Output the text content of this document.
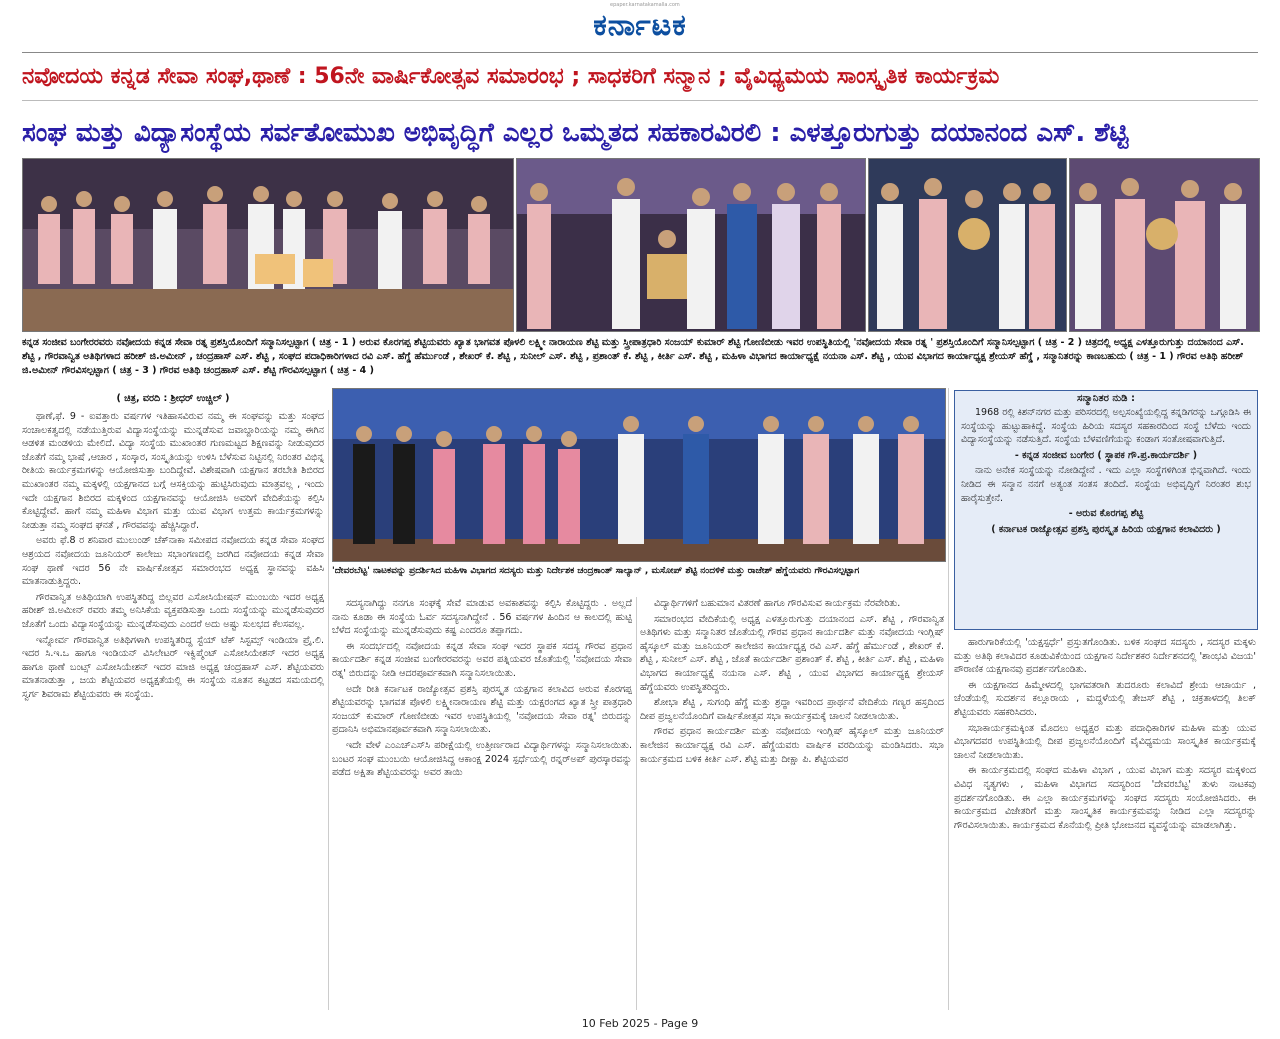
epaper.karnatakamalla.com
ಕರ್ನಾಟಕ
ನವೋದಯ ಕನ್ನಡ ಸೇವಾ ಸಂಘ,ಥಾಣೆ : 56ನೇ ವಾರ್ಷಿಕೋತ್ಸವ ಸಮಾರಂಭ ; ಸಾಧಕರಿಗೆ ಸನ್ಮಾನ ; ವೈವಿಧ್ಯಮಯ ಸಾಂಸ್ಕೃತಿಕ ಕಾರ್ಯಕ್ರಮ
ಸಂಘ ಮತ್ತು ವಿದ್ಯಾಸಂಸ್ಥೆಯ ಸರ್ವತೋಮುಖ ಅಭಿವೃದ್ಧಿಗೆ ಎಲ್ಲರ ಒಮ್ಮತದ ಸಹಕಾರವಿರಲಿ : ಎಳತ್ತೂರುಗುತ್ತು ದಯಾನಂದ ಎಸ್. ಶೆಟ್ಟಿ
ಕನ್ನಡ ಸಂಜೀವ ಬಂಗೇರರವರು ನವೋದಯ ಕನ್ನಡ ಸೇವಾ ರತ್ನ ಪ್ರಶಸ್ತಿಯೊಂದಿಗೆ ಸನ್ಮಾನಿಸಲ್ಪಟ್ಟಾಗ ( ಚಿತ್ರ - 1 ) ಅರುವ ಕೊರಗಪ್ಪ ಶೆಟ್ಟಿಯವರು ಖ್ಯಾತ ಭಾಗವತ ಪೊಳಲಿ ಲಕ್ಷ್ಮೀ ನಾರಾಯಣ ಶೆಟ್ಟಿ ಮತ್ತು ಸ್ತ್ರೀಪಾತ್ರಧಾರಿ ಸಂಜಯ್ ಕುಮಾರ್ ಶೆಟ್ಟಿ ಗೋಣಿಬೀಡು ಇವರ ಉಪಸ್ಥಿತಿಯಲ್ಲಿ 'ನವೋದಯ ಸೇವಾ ರತ್ನ ' ಪ್ರಶಸ್ತಿಯೊಂದಿಗೆ ಸನ್ಮಾನಿಸಲ್ಪಟ್ಟಾಗ ( ಚಿತ್ರ - 2 ) ಚಿತ್ರದಲ್ಲಿ ಅಧ್ಯಕ್ಷ ಎಳತ್ತೂರುಗುತ್ತು ದಯಾನಂದ ಎಸ್. ಶೆಟ್ಟಿ , ಗೌರವಾನ್ವಿತ ಅತಿಥಿಗಳಾದ ಹರೀಶ್ ಜಿ.ಅಮೀನ್ , ಚಂದ್ರಹಾಸ್ ಎಸ್. ಶೆಟ್ಟಿ , ಸಂಘದ ಪದಾಧಿಕಾರಿಗಳಾದ ರವಿ ಎಸ್. ಹೆಗ್ಡೆ ಹೆರ್ಮುಂಡೆ , ಶೇಖರ್ ಕೆ. ಶೆಟ್ಟಿ , ಸುನೀಲ್ ಎಸ್. ಶೆಟ್ಟಿ , ಪ್ರಶಾಂತ್ ಕೆ. ಶೆಟ್ಟಿ , ಕೀರ್ತಿ ಎಸ್. ಶೆಟ್ಟಿ , ಮಹಿಳಾ ವಿಭಾಗದ ಕಾರ್ಯಾಧ್ಯಕ್ಷೆ ನಯನಾ ಎಸ್. ಶೆಟ್ಟಿ , ಯುವ ವಿಭಾಗದ ಕಾರ್ಯಾಧ್ಯಕ್ಷ ಶ್ರೇಯಸ್ ಹೆಗ್ಡೆ , ಸನ್ಮಾನಿತರನ್ನು ಕಾಣಬಹುದು ( ಚಿತ್ರ - 1 ) ಗೌರವ ಅತಿಥಿ ಹರೀಶ್ ಜಿ.ಅಮೀನ್ ಗೌರವಿಸಲ್ಪಟ್ಟಾಗ ( ಚಿತ್ರ - 3 ) ಗೌರವ ಅತಿಥಿ ಚಂದ್ರಹಾಸ್ ಎಸ್. ಶೆಟ್ಟಿ ಗೌರವಿಸಲ್ಪಟ್ಟಾಗ ( ಚಿತ್ರ - 4 )
( ಚಿತ್ರ, ವರದಿ : ಶ್ರೀಧರ್ ಉಚ್ಚಿಲ್ )
'ದೇವರಬೆಟ್ಟ' ನಾಟಕವನ್ನು ಪ್ರದರ್ಶಿಸಿದ ಮಹಿಳಾ ವಿಭಾಗದ ಸದಸ್ಯರು ಮತ್ತು ನಿರ್ದೇಶಕ ಚಂದ್ರಕಾಂತ್ ಸಾಲ್ಯಾನ್ , ಮಸೋಪ್ ಶೆಟ್ಟಿ ನಂದಳಿಕೆ ಮತ್ತು ರಾಜೇಶ್ ಹೆಗ್ಡೆಯವರು ಗೌರವಿಸಲ್ಪಟ್ಟಾಗ

ಥಾಣೆ,ಫೆ. 9 - ಐವತ್ತಾರು ವರ್ಷಗಳ ಇತಿಹಾಸವಿರುವ ನಮ್ಮ ಈ ಸಂಘವನ್ನು ಮತ್ತು ಸಂಘದ ಸಂಚಾಲಕತ್ವದಲ್ಲಿ ನಡೆಯುತ್ತಿರುವ ವಿದ್ಯಾಸಂಸ್ಥೆಯನ್ನು ಮುನ್ನಡೆಸುವ ಜವಾಬ್ದಾರಿಯನ್ನು ನಮ್ಮ ಈಗಿನ ಆಡಳಿತ ಮಂಡಳಿಯ ಮೇಲಿದೆ. ವಿದ್ಯಾ ಸಂಸ್ಥೆಯ ಮುಖಾಂತರ ಗುಣಮಟ್ಟದ ಶಿಕ್ಷಣವನ್ನು ನೀಡುವುದರ ಜೊತೆಗೆ ನಮ್ಮ ಭಾಷೆ ,ಆಚಾರ , ಸಂಸ್ಕಾರ, ಸಂಸ್ಕೃತಿಯನ್ನು ಉಳಿಸಿ ಬೆಳೆಸುವ ನಿಟ್ಟಿನಲ್ಲಿ ನಿರಂತರ ವಿಭಿನ್ನ ರೀತಿಯ ಕಾರ್ಯಕ್ರಮಗಳನ್ನು ಆಯೋಜಿಸುತ್ತಾ ಬಂದಿದ್ದೇವೆ. ವಿಶೇಷವಾಗಿ ಯಕ್ಷಗಾನ ತರಬೇತಿ ಶಿಬಿರದ ಮುಖಾಂತರ ನಮ್ಮ ಮಕ್ಕಳಲ್ಲಿ ಯಕ್ಷಗಾನದ ಬಗ್ಗೆ ಆಸಕ್ತಿಯನ್ನು ಹುಟ್ಟಿಸಿರುವುದು ಮಾತ್ರವಲ್ಲ , ಇಂದು ಇದೇ ಯಕ್ಷಗಾನ ಶಿಬಿರದ ಮಕ್ಕಳಿಂದ ಯಕ್ಷಗಾನವನ್ನು ಆಯೋಜಿಸಿ ಅವರಿಗೆ ವೇದಿಕೆಯನ್ನು ಕಲ್ಪಿಸಿ ಕೊಟ್ಟಿದ್ದೇವೆ. ಹಾಗೆ ನಮ್ಮ ಮಹಿಳಾ ವಿಭಾಗ ಮತ್ತು ಯುವ ವಿಭಾಗ ಉತ್ತಮ ಕಾರ್ಯಕ್ರಮಗಳನ್ನು ನೀಡುತ್ತಾ ನಮ್ಮ ಸಂಘದ ಘನತೆ , ಗೌರವವನ್ನು ಹೆಚ್ಚಿಸಿದ್ದಾರೆ.

ಅವರು ಫೆ.8 ರ ಶನಿವಾರ ಮುಲುಂಡ್ ಚೆಕ್‌ನಾಕಾ ಸಮೀಪದ ನವೋದಯ ಕನ್ನಡ ಸೇವಾ ಸಂಘದ ಆಶ್ರಯದ ನವೋದಯ ಜೂನಿಯರ್ ಕಾಲೇಜು ಸಭಾಂಗಣದಲ್ಲಿ ಜರಗಿದ ನವೋದಯ ಕನ್ನಡ ಸೇವಾ ಸಂಘ ಥಾಣೆ ಇದರ 56 ನೇ ವಾರ್ಷಿಕೋತ್ಸವ ಸಮಾರಂಭದ ಅಧ್ಯಕ್ಷ ಸ್ಥಾನವನ್ನು ವಹಿಸಿ ಮಾತನಾಡುತ್ತಿದ್ದರು.

ಗೌರವಾನ್ವಿತ ಅತಿಥಿಯಾಗಿ ಉಪಸ್ಥಿತರಿದ್ದ ಬಿಲ್ಲವರ ಎಸೋಸಿಯೇಷನ್ ಮುಂಬಯಿ ಇದರ ಅಧ್ಯಕ್ಷ ಹರೀಶ್ ಜಿ.ಅಮೀನ್ ರವರು ತಮ್ಮ ಅನಿಸಿಕೆಯ ವ್ಯಕ್ತಪಡಿಸುತ್ತಾ ಒಂದು ಸಂಸ್ಥೆಯನ್ನು ಮುನ್ನಡೆಸುವುದರ ಜೊತೆಗೆ ಒಂದು ವಿದ್ಯಾಸಂಸ್ಥೆಯನ್ನು ಮುನ್ನಡೆಸುವುದು ಎಂದರೆ ಅದು ಅಷ್ಟು ಸುಲಭದ ಕೆಲಸವಲ್ಲ.

ಇನ್ನೋರ್ವ ಗೌರವಾನ್ವಿತ ಅತಿಥಿಗಳಾಗಿ ಉಪಸ್ಥಿತರಿದ್ದ ಸ್ಟೆಯ್ ಟೆಕ್ ಸಿಸ್ಟಮ್ಸ್ ಇಂಡಿಯಾ ಪ್ರೈ.ಲಿ. ಇದರ ಸಿ.ಇ.ಒ ಹಾಗೂ ಇಂಡಿಯನ್ ವಿಸಿಲೇಟರ್ ಇಕ್ವಿಪ್ಮೆಂಟ್ ಎಸೋಸಿಯೇಶನ್ ಇದರ ಅಧ್ಯಕ್ಷ ಹಾಗೂ ಥಾಣೆ ಬಂಟ್ಸ್ ಎಸೋಸಿಯೇಶನ್ ಇದರ ಮಾಜಿ ಅಧ್ಯಕ್ಷ ಚಂದ್ರಹಾಸ್ ಎಸ್. ಶೆಟ್ಟಿಯವರು ಮಾತನಾಡುತ್ತಾ , ಜಯ ಶೆಟ್ಟಿಯವರ ಅಧ್ಯಕ್ಷತೆಯಲ್ಲಿ ಈ ಸಂಸ್ಥೆಯ ನೂತನ ಕಟ್ಟಡದ ಸಮಯದಲ್ಲಿ ಸ್ವರ್ಗ ಶಿವರಾಮ ಶೆಟ್ಟಿಯವರು ಈ ಸಂಸ್ಥೆಯ.

ಸದಸ್ಯನಾಗಿದ್ದು ನನಗೂ ಸಂಘಕ್ಕೆ ಸೇವೆ ಮಾಡುವ ಅವಕಾಶವನ್ನು ಕಲ್ಪಿಸಿ ಕೊಟ್ಟಿದ್ದರು . ಅಲ್ಲದೆ ನಾನು ಕೂಡಾ ಈ ಸಂಸ್ಥೆಯ ಓರ್ವ ಸದಸ್ಯನಾಗಿದ್ದೇನೆ . 56 ವರ್ಷಗಳ ಹಿಂದಿನ ಆ ಕಾಲದಲ್ಲಿ ಹುಟ್ಟಿ ಬೆಳೆದ ಸಂಸ್ಥೆಯನ್ನು ಮುನ್ನಡೆಸುವುದು ಕಷ್ಟ ಎಂದರೂ ತಪ್ಪಾಗದು.

ಈ ಸಂದರ್ಭದಲ್ಲಿ ನವೋದಯ ಕನ್ನಡ ಸೇವಾ ಸಂಘ ಇದರ ಸ್ಥಾಪಕ ಸದಸ್ಯ ಗೌರವ ಪ್ರಧಾನ ಕಾರ್ಯದರ್ಶಿ ಕನ್ನಡ ಸಂಜೀವ ಬಂಗೇರರವರನ್ನು ಅವರ ಪತ್ನಿಯವರ ಜೊತೆಯಲ್ಲಿ 'ನವೋದಯ ಸೇವಾ ರತ್ನ' ಬಿರುದನ್ನು ನೀಡಿ ಆದರಪೂರ್ವಕವಾಗಿ ಸನ್ಮಾನಿಸಲಾಯಿತು.

ಅದೇ ರೀತಿ ಕರ್ನಾಟಕ ರಾಜ್ಯೋತ್ಸವ ಪ್ರಶಸ್ತಿ ಪುರಸ್ಕೃತ ಯಕ್ಷಗಾನ ಕಲಾವಿದ ಅರುವ ಕೊರಗಪ್ಪ ಶೆಟ್ಟಿಯವರನ್ನು ಭಾಗವತ ಪೊಳಲಿ ಲಕ್ಷ್ಮೀನಾರಾಯಣ ಶೆಟ್ಟಿ ಮತ್ತು ಯಕ್ಷರಂಗದ ಖ್ಯಾತ ಸ್ತ್ರೀ ಪಾತ್ರಧಾರಿ ಸಂಜಯ್ ಕುಮಾರ್ ಗೋಣಿಬೀಡು ಇವರ ಉಪಸ್ಥಿತಿಯಲ್ಲಿ 'ನವೋದಯ ಸೇವಾ ರತ್ನ' ಬಿರುದನ್ನು ಪ್ರದಾನಿಸಿ ಅಭಿಮಾನಪೂರ್ವಕವಾಗಿ ಸನ್ಮಾನಿಸಲಾಯಿತು.

ಇದೇ ವೇಳೆ ಎಂಎಚ್‌ಎಸ್‌ಸಿ ಪರೀಕ್ಷೆಯಲ್ಲಿ ಉತ್ತೀರ್ಣರಾದ ವಿದ್ಯಾರ್ಥಿಗಳನ್ನು ಸನ್ಮಾನಿಸಲಾಯಿತು. ಬಂಟರ ಸಂಘ ಮುಂಬಯಿ ಆಯೋಜಿಸಿದ್ದ ಆಕಾಂಕ್ಷ 2024 ಸ್ಪರ್ಧೆಯಲ್ಲಿ ರನ್ನರ್‌ಅಪ್ ಪುರಸ್ಕಾರವನ್ನು ಪಡೆದ ಅಕ್ಷಿತಾ ಶೆಟ್ಟಿಯವರನ್ನು ಅವರ ತಾಯಿ

ವಿದ್ಯಾರ್ಥಿಗಳಿಗೆ ಬಹುಮಾನ ವಿತರಣೆ ಹಾಗೂ ಗೌರವಿಸುವ ಕಾರ್ಯಕ್ರಮ ನೆರವೇರಿತು.

ಸಮಾರಂಭದ ವೇದಿಕೆಯಲ್ಲಿ ಅಧ್ಯಕ್ಷ ಎಳತ್ತೂರುಗುತ್ತು ದಯಾನಂದ ಎಸ್. ಶೆಟ್ಟಿ , ಗೌರವಾನ್ವಿತ ಅತಿಥಿಗಳು ಮತ್ತು ಸನ್ಮಾನಿತರ ಜೊತೆಯಲ್ಲಿ ಗೌರವ ಪ್ರಧಾನ ಕಾರ್ಯದರ್ಶಿ ಮತ್ತು ನವೋದಯ ಇಂಗ್ಲಿಷ್ ಹೈಸ್ಕೂಲ್ ಮತ್ತು ಜೂನಿಯರ್ ಕಾಲೇಜಿನ ಕಾರ್ಯಾಧ್ಯಕ್ಷ ರವಿ ಎಸ್. ಹೆಗ್ಡೆ ಹೆರ್ಮುಂಡೆ , ಶೇಖರ್ ಕೆ. ಶೆಟ್ಟಿ , ಸುನೀಲ್ ಎಸ್. ಶೆಟ್ಟಿ , ಜೊತೆ ಕಾರ್ಯದರ್ಶಿ ಪ್ರಶಾಂತ್ ಕೆ. ಶೆಟ್ಟಿ , ಕೀರ್ತಿ ಎಸ್. ಶೆಟ್ಟಿ , ಮಹಿಳಾ ವಿಭಾಗದ ಕಾರ್ಯಾಧ್ಯಕ್ಷೆ ನಯನಾ ಎಸ್. ಶೆಟ್ಟಿ , ಯುವ ವಿಭಾಗದ ಕಾರ್ಯಾಧ್ಯಕ್ಷ ಶ್ರೇಯಸ್ ಹೆಗ್ಡೆಯವರು ಉಪಸ್ಥಿತರಿದ್ದರು.

ಶೋಭಾ ಶೆಟ್ಟಿ , ಸುಗಂಧಿ ಹೆಗ್ಡೆ ಮತ್ತು ಶ್ರದ್ಧಾ ಇವರಿಂದ ಪ್ರಾರ್ಥನೆ ವೇದಿಕೆಯ ಗಣ್ಯರ ಹಸ್ತದಿಂದ ದೀಪ ಪ್ರಜ್ವಲನೆಯೊಂದಿಗೆ ವಾರ್ಷಿಕೋತ್ಸವ ಸಭಾ ಕಾರ್ಯಕ್ರಮಕ್ಕೆ ಚಾಲನೆ ನೀಡಲಾಯಿತು.

ಗೌರವ ಪ್ರಧಾನ ಕಾರ್ಯದರ್ಶಿ ಮತ್ತು ನವೋದಯ ಇಂಗ್ಲಿಷ್ ಹೈಸ್ಕೂಲ್ ಮತ್ತು ಜೂನಿಯರ್ ಕಾಲೇಜಿನ ಕಾರ್ಯಾಧ್ಯಕ್ಷ ರವಿ ಎಸ್. ಹೆಗ್ಡೆಯವರು ವಾರ್ಷಿಕ ವರದಿಯನ್ನು ಮಂಡಿಸಿದರು. ಸಭಾ ಕಾರ್ಯಕ್ರಮದ ಬಳಿಕ ಕೀರ್ತಿ ಎಸ್. ಶೆಟ್ಟಿ ಮತ್ತು ದೀಕ್ಷಾ ಪಿ. ಶೆಟ್ಟಿಯವರ

ಸನ್ಮಾನಿತರ ನುಡಿ :

1968 ರಲ್ಲಿ ಕಿಶನ್‌ನಗರ ಮತ್ತು ಪರಿಸರದಲ್ಲಿ ಅಲ್ಪಸಂಖ್ಯೆಯಲ್ಲಿದ್ದ ಕನ್ನಡಿಗರನ್ನು ಒಗ್ಗೂಡಿಸಿ ಈ ಸಂಸ್ಥೆಯನ್ನು ಹುಟ್ಟುಹಾಕಿದ್ದೆ. ಸಂಸ್ಥೆಯ ಹಿರಿಯ ಸದಸ್ಯರ ಸಹಕಾರದಿಂದ ಸಂಸ್ಥೆ ಬೆಳೆದು ಇಂದು ವಿದ್ಯಾಸಂಸ್ಥೆಯನ್ನು ನಡೆಸುತ್ತಿದೆ. ಸಂಸ್ಥೆಯ ಬೆಳವಣಿಗೆಯನ್ನು ಕಂಡಾಗ ಸಂತೋಷವಾಗುತ್ತಿದೆ.

- ಕನ್ನಡ ಸಂಜೀವ ಬಂಗೇರ ( ಸ್ಥಾಪಕ ಗೌ.ಪ್ರ.ಕಾರ್ಯದರ್ಶಿ )

ನಾನು ಅನೇಕ ಸಂಸ್ಥೆಯನ್ನು ನೋಡಿದ್ದೇನೆ . ಇದು ಎಲ್ಲಾ ಸಂಸ್ಥೆಗಳಿಗಿಂತ ಭಿನ್ನವಾಗಿದೆ. ಇಂದು ನೀಡಿದ ಈ ಸನ್ಮಾನ ನನಗೆ ಅತ್ಯಂತ ಸಂತಸ ತಂದಿದೆ. ಸಂಸ್ಥೆಯ ಅಭಿವೃದ್ಧಿಗೆ ನಿರಂತರ ಶುಭ ಹಾರೈಸುತ್ತೇನೆ.

- ಅರುವ ಕೊರಗಪ್ಪ ಶೆಟ್ಟಿ
( ಕರ್ನಾಟಕ ರಾಜ್ಯೋತ್ಸವ ಪ್ರಶಸ್ತಿ ಪುರಸ್ಕೃತ ಹಿರಿಯ ಯಕ್ಷಗಾನ ಕಲಾವಿದರು )

ಹಾರುಗಾರಿಕೆಯಲ್ಲಿ 'ಯಕ್ಷಸ್ಪರ್ಧೆ' ಪ್ರಸ್ತುತಗೊಂಡಿತು. ಬಳಿಕ ಸಂಘದ ಸದಸ್ಯರು , ಸದಸ್ಯರ ಮಕ್ಕಳು ಮತ್ತು ಅತಿಥಿ ಕಲಾವಿದರ ಕೂಡುವಿಕೆಯಿಂದ ಯಕ್ಷಗಾನ ನಿರ್ದೇಶಕರ ನಿರ್ದೇಶನದಲ್ಲಿ 'ಶಾಂಭವಿ ವಿಜಯ' ಪೌರಾಣಿಕ ಯಕ್ಷಗಾನವು ಪ್ರದರ್ಶನಗೊಂಡಿತು.

ಈ ಯಕ್ಷಗಾನದ ಹಿಮ್ಮೇಳದಲ್ಲಿ ಭಾಗವತರಾಗಿ ತುದರೂರು ಕಲಾವಿದೆ ಶ್ರೇಯ ಆಚಾರ್ಯ , ಚೆಂಡೆಯಲ್ಲಿ ಸುದರ್ಶನ ಕಲ್ಲೂರಾಯ , ಮದ್ದಳೆಯಲ್ಲಿ ತೇಜಸ್ ಶೆಟ್ಟಿ , ಚಕ್ರತಾಳದಲ್ಲಿ ತಿಲಕ್ ಶೆಟ್ಟಿಯವರು ಸಹಕರಿಸಿದರು.

ಸಭಾಕಾರ್ಯಕ್ರಮಕ್ಕಿಂತ ಮೊದಲು ಅಧ್ಯಕ್ಷರ ಮತ್ತು ಪದಾಧಿಕಾರಿಗಳ ಮಹಿಳಾ ಮತ್ತು ಯುವ ವಿಭಾಗದವರ ಉಪಸ್ಥಿತಿಯಲ್ಲಿ ದೀಪ ಪ್ರಜ್ವಲನೆಯೊಂದಿಗೆ ವೈವಿಧ್ಯಮಯ ಸಾಂಸ್ಕೃತಿಕ ಕಾರ್ಯಕ್ರಮಕ್ಕೆ ಚಾಲನೆ ನೀಡಲಾಯಿತು.

ಈ ಕಾರ್ಯಕ್ರಮದಲ್ಲಿ ಸಂಘದ ಮಹಿಳಾ ವಿಭಾಗ , ಯುವ ವಿಭಾಗ ಮತ್ತು ಸದಸ್ಯರ ಮಕ್ಕಳಿಂದ ವಿವಿಧ ನೃತ್ಯಗಳು , ಮಹಿಳಾ ವಿಭಾಗದ ಸದಸ್ಯರಿಂದ 'ದೇವರಬೆಟ್ಟ' ತುಳು ನಾಟಕವು ಪ್ರದರ್ಶನಗೊಂಡಿತು. ಈ ಎಲ್ಲಾ ಕಾರ್ಯಕ್ರಮಗಳನ್ನು ಸಂಘದ ಸದಸ್ಯರು ಸಂಯೋಜಿಸಿದರು. ಈ ಕಾರ್ಯಕ್ರಮದ ವಿಜೇತರಿಗೆ ಮತ್ತು ಸಾಂಸ್ಕೃತಿಕ ಕಾರ್ಯಕ್ರಮವನ್ನು ನೀಡಿದ ಎಲ್ಲಾ ಸದಸ್ಯರನ್ನು ಗೌರವಿಸಲಾಯಿತು. ಕಾರ್ಯಕ್ರಮದ ಕೊನೆಯಲ್ಲಿ ಪ್ರೀತಿ ಭೋಜನದ ವ್ಯವಸ್ಥೆಯನ್ನು ಮಾಡಲಾಗಿತ್ತು.

10 Feb 2025 - Page 9
